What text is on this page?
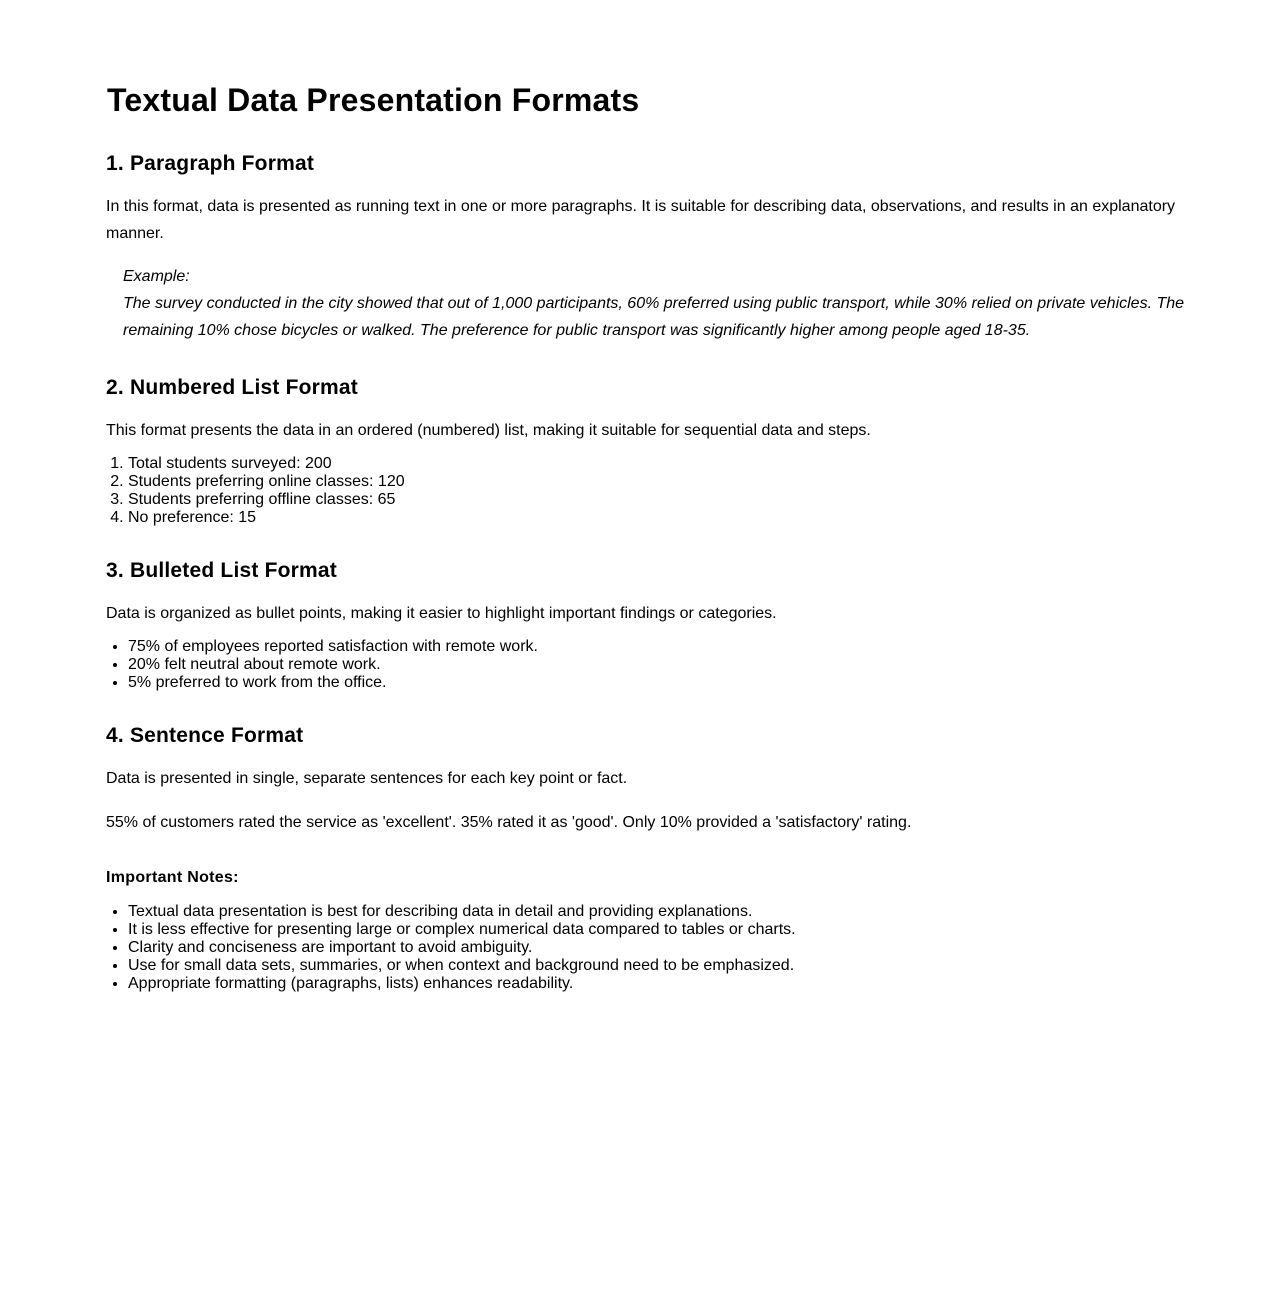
Textual Data Presentation Formats
1. Paragraph Format

In this format, data is presented as running text in one or more paragraphs. It is suitable for describing data, observations, and results in an explanatory manner.

Example:
The survey conducted in the city showed that out of 1,000 participants, 60% preferred using public transport, while 30% relied on private vehicles. The remaining 10% chose bicycles or walked. The preference for public transport was significantly higher among people aged 18-35.
2. Numbered List Format

This format presents the data in an ordered (numbered) list, making it suitable for sequential data and steps.

1. Total students surveyed: 200
2. Students preferring online classes: 120
3. Students preferring offline classes: 65
4. No preference: 15
3. Bulleted List Format

Data is organized as bullet points, making it easier to highlight important findings or categories.

• 75% of employees reported satisfaction with remote work.
• 20% felt neutral about remote work.
• 5% preferred to work from the office.
4. Sentence Format

Data is presented in single, separate sentences for each key point or fact.

55% of customers rated the service as 'excellent'. 35% rated it as 'good'. Only 10% provided a 'satisfactory' rating.

Important Notes:
• Textual data presentation is best for describing data in detail and providing explanations.
• It is less effective for presenting large or complex numerical data compared to tables or charts.
• Clarity and conciseness are important to avoid ambiguity.
• Use for small data sets, summaries, or when context and background need to be emphasized.
• Appropriate formatting (paragraphs, lists) enhances readability.
